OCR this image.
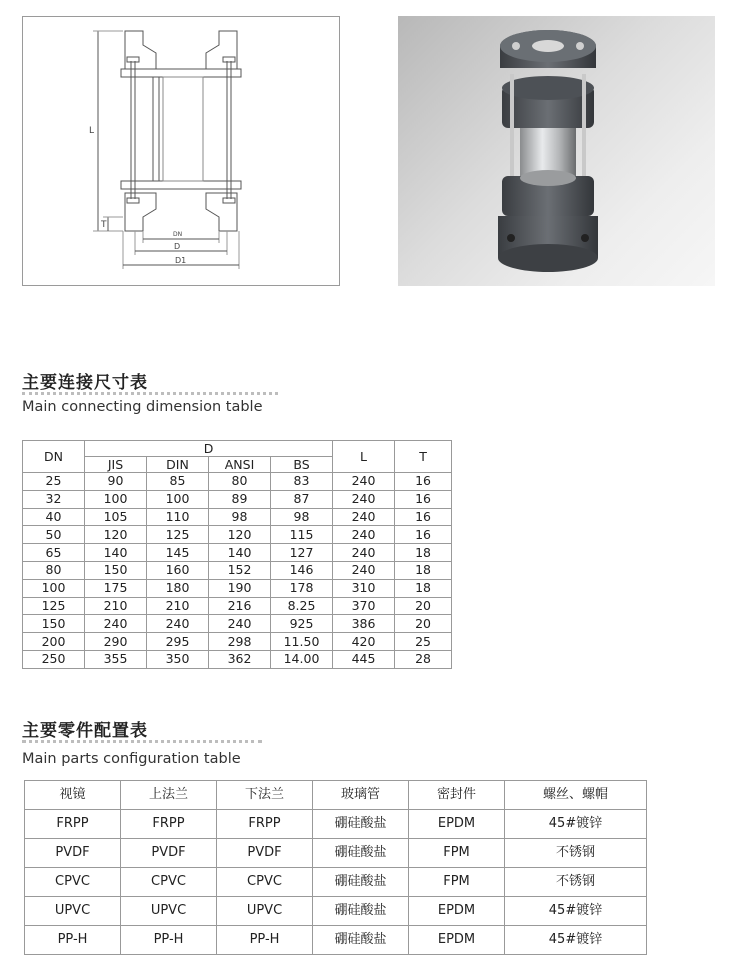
L
T
DN
D
D1
主要连接尺寸表
Main connecting dimension table
DN	D				L	T
	JIS	DIN	ANSI	BS		
25	90	85	80	83	240	16
32	100	100	89	87	240	16
40	105	110	98	98	240	16
50	120	125	120	115	240	16
65	140	145	140	127	240	18
80	150	160	152	146	240	18
100	175	180	190	178	310	18
125	210	210	216	8.25	370	20
150	240	240	240	925	386	20
200	290	295	298	11.50	420	25
250	355	350	362	14.00	445	28
主要零件配置表
Main parts configuration table
视镜	上法兰	下法兰	玻璃管	密封件	螺丝、螺帽
FRPP	FRPP	FRPP	硼硅酸盐	EPDM	45#镀锌
PVDF	PVDF	PVDF	硼硅酸盐	FPM	不锈钢
CPVC	CPVC	CPVC	硼硅酸盐	FPM	不锈钢
UPVC	UPVC	UPVC	硼硅酸盐	EPDM	45#镀锌
PP-H	PP-H	PP-H	硼硅酸盐	EPDM	45#镀锌
